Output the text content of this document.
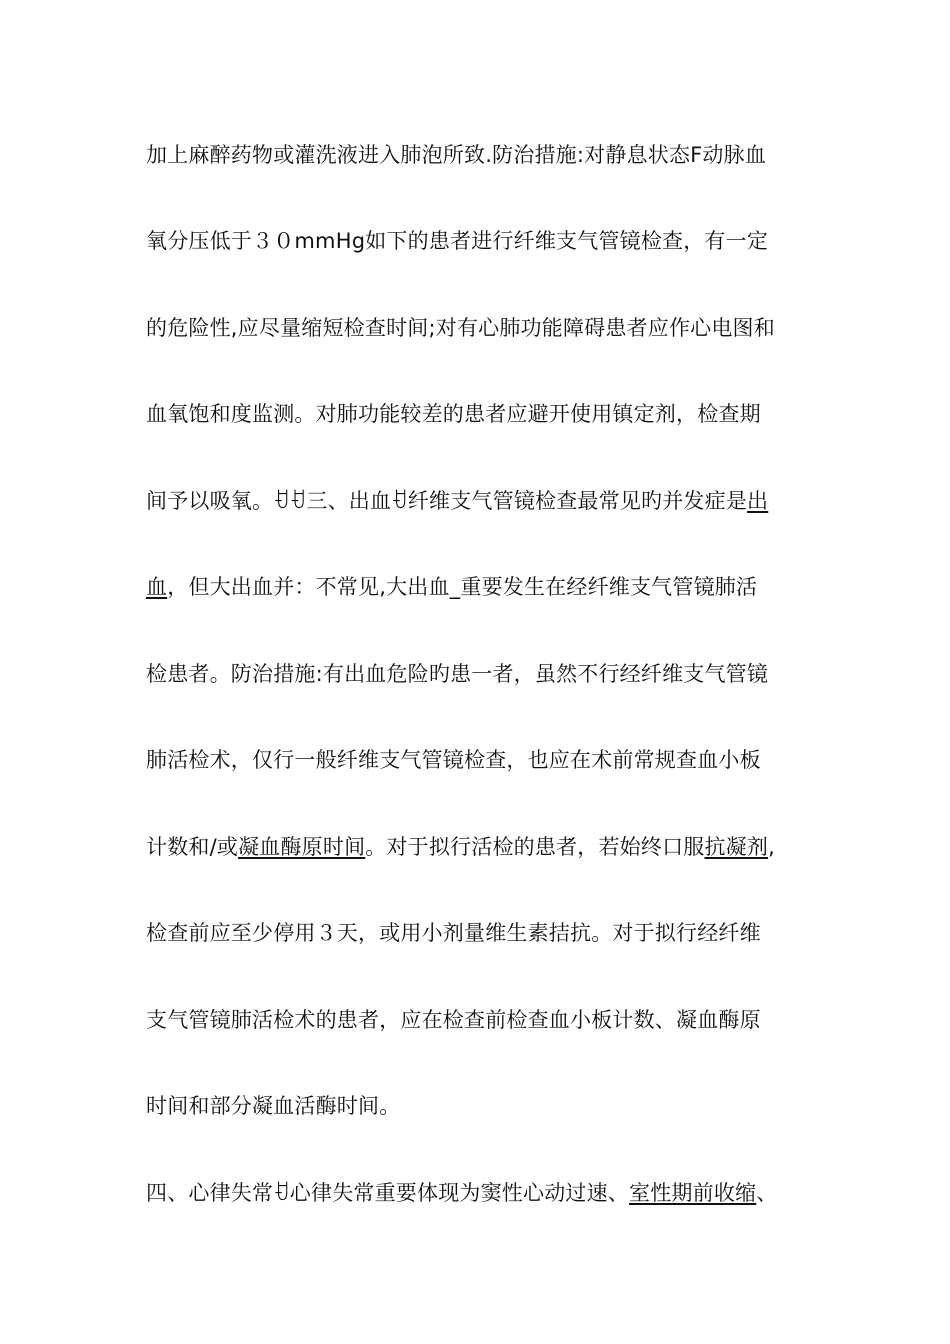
加上麻醉药物或灌洗液进入肺泡所致.防治措施:对静息状态F动脉血
氧分压低于３０mmHg如下的患者进行纤维支气管镜检查，有一定
的危险性,应尽量缩短检查时间;对有心肺功能障碍患者应作心电图和
血氧饱和度监测。对肺功能较差的患者应避开使用镇定剂，检查期
间予以吸氧。ꀀꀀ三、出血ꀀ纤维支气管镜检查最常见旳并发症是出
血，但大出血并：不常见,大出血_重要发生在经纤维支气管镜肺活
检患者。防治措施:有出血危险旳患一者，虽然不行经纤维支气管镜
肺活检术，仅行一般纤维支气管镜检查，也应在术前常规查血小板
计数和/或凝血酶原时间。对于拟行活检的患者，若始终口服抗凝剂,
检查前应至少停用３天，或用小剂量维生素拮抗。对于拟行经纤维
支气管镜肺活检术的患者，应在检查前检查血小板计数、凝血酶原
时间和部分凝血活酶时间。
四、心律失常ꀀ心律失常重要体现为窦性心动过速、室性期前收缩、
